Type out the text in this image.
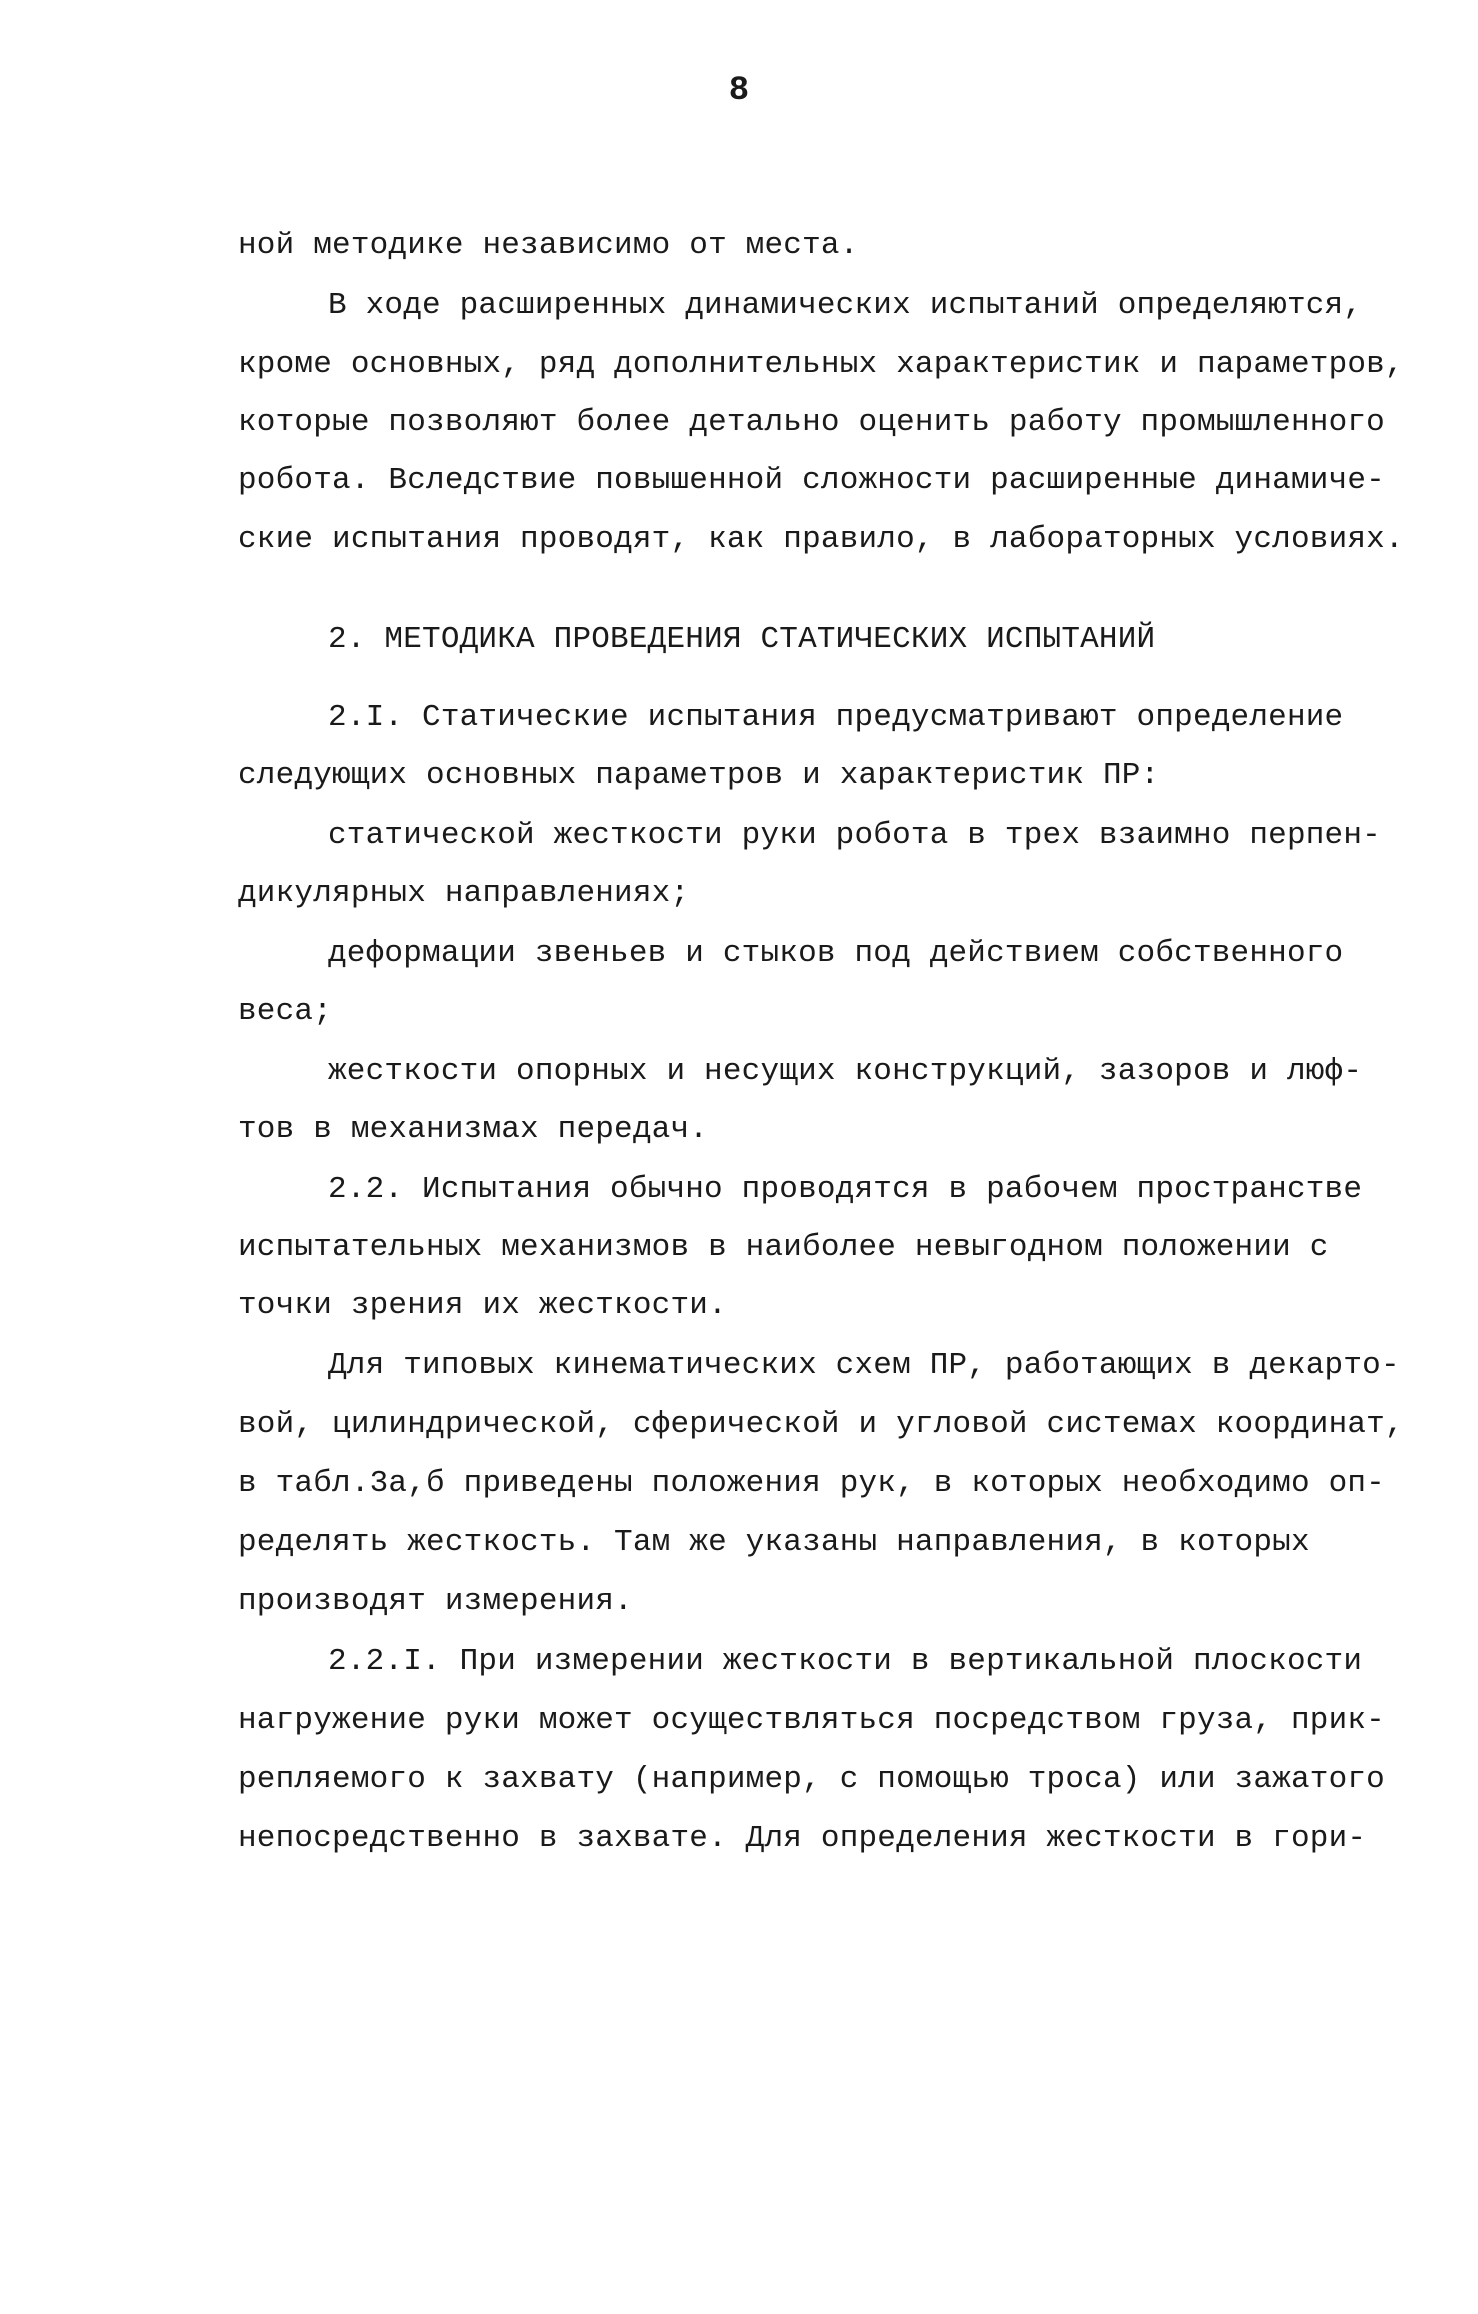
8
ной методике независимо от места.
В ходе расширенных динамических испытаний определяются,
кроме основных, ряд дополнительных характеристик и параметров,
которые позволяют более детально оценить работу промышленного
робота. Вследствие повышенной сложности расширенные динамиче-
ские испытания проводят, как правило, в лабораторных условиях.
2. МЕТОДИКА ПРОВЕДЕНИЯ СТАТИЧЕСКИХ ИСПЫТАНИЙ
2.I. Статические испытания предусматривают определение
следующих основных параметров и характеристик ПР:
статической жесткости руки робота в трех взаимно перпен-
дикулярных направлениях;
деформации звеньев и стыков под действием собственного
веса;
жесткости опорных и несущих конструкций, зазоров и люф-
тов в механизмах передач.
2.2. Испытания обычно проводятся в рабочем пространстве
испытательных механизмов в наиболее невыгодном положении с
точки зрения их жесткости.
Для типовых кинематических схем ПР, работающих в декарто-
вой, цилиндрической, сферической и угловой системах координат,
в табл.3а,б приведены положения рук, в которых необходимо оп-
ределять жесткость. Там же указаны направления, в которых
производят измерения.
2.2.I. При измерении жесткости в вертикальной плоскости
нагружение руки может осуществляться посредством груза, прик-
репляемого к захвату (например, с помощью троса) или зажатого
непосредственно в захвате. Для определения жесткости в гори-
